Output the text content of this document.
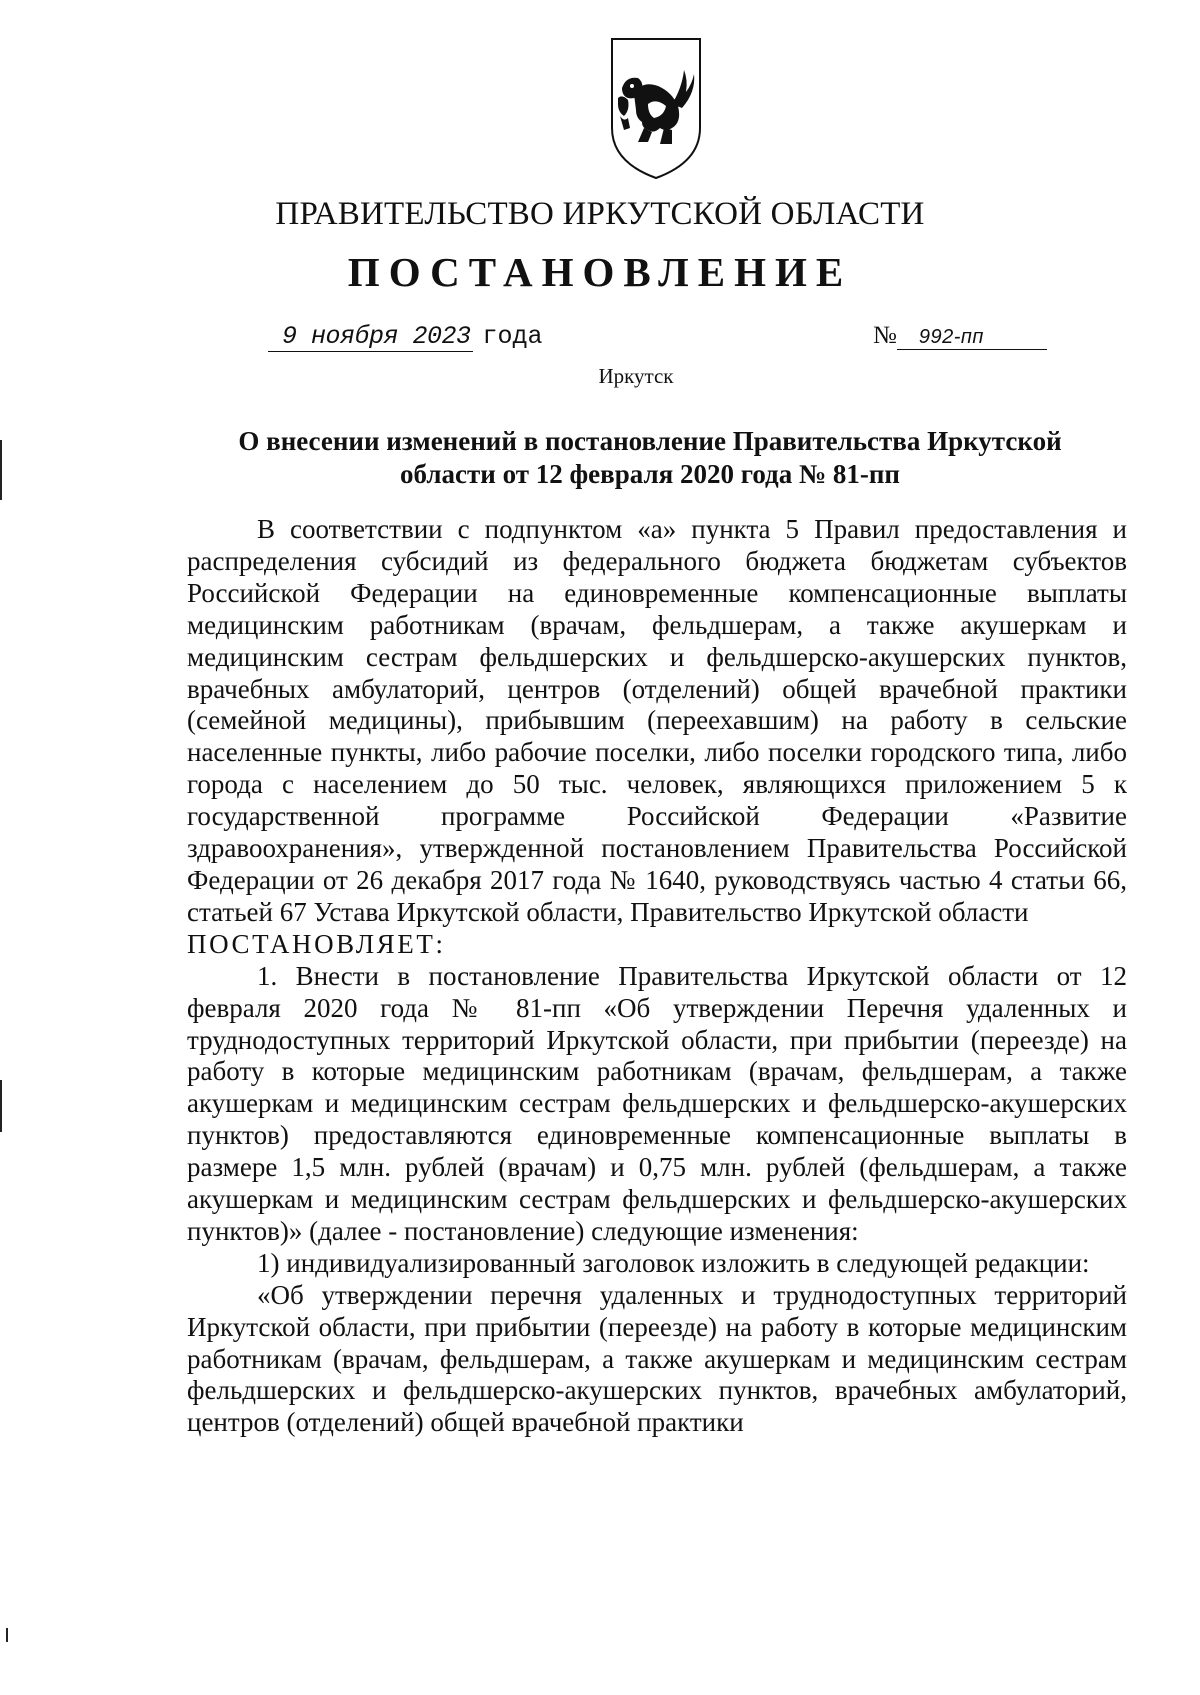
ПРАВИТЕЛЬСТВО ИРКУТСКОЙ ОБЛАСТИ
ПОСТАНОВЛЕНИЕ
9 ноября 2023 года	№ 992-пп
Иркутск
О внесении изменений в постановление Правительства Иркутской области от 12 февраля 2020 года № 81-пп

В соответствии с подпунктом «а» пункта 5 Правил предоставления и распределения субсидий из федерального бюджета бюджетам субъектов Российской Федерации на единовременные компенсационные выплаты медицинским работникам (врачам, фельдшерам, а также акушеркам и медицинским сестрам фельдшерских и фельдшерско-акушерских пунктов, врачебных амбулаторий, центров (отделений) общей врачебной практики (семейной медицины), прибывшим (переехавшим) на работу в сельские населенные пункты, либо рабочие поселки, либо поселки городского типа, либо города с населением до 50 тыс. человек, являющихся приложением 5 к государственной программе Российской Федерации «Развитие здравоохранения», утвержденной постановлением Правительства Российской Федерации от 26 декабря 2017 года № 1640, руководствуясь частью 4 статьи 66, статьей 67 Устава Иркутской области, Правительство Иркутской области

ПОСТАНОВЛЯЕТ:

1. Внести в постановление Правительства Иркутской области от 12 февраля 2020 года № 81-пп «Об утверждении Перечня удаленных и труднодоступных территорий Иркутской области, при прибытии (переезде) на работу в которые медицинским работникам (врачам, фельдшерам, а также акушеркам и медицинским сестрам фельдшерских и фельдшерско-акушерских пунктов) предоставляются единовременные компенсационные выплаты в размере 1,5 млн. рублей (врачам) и 0,75 млн. рублей (фельдшерам, а также акушеркам и медицинским сестрам фельдшерских и фельдшерско-акушерских пунктов)» (далее - постановление) следующие изменения:

1) индивидуализированный заголовок изложить в следующей редакции:

«Об утверждении перечня удаленных и труднодоступных территорий Иркутской области, при прибытии (переезде) на работу в которые медицинским работникам (врачам, фельдшерам, а также акушеркам и медицинским сестрам фельдшерских и фельдшерско-акушерских пунктов, врачебных амбулаторий, центров (отделений) общей врачебной практики
